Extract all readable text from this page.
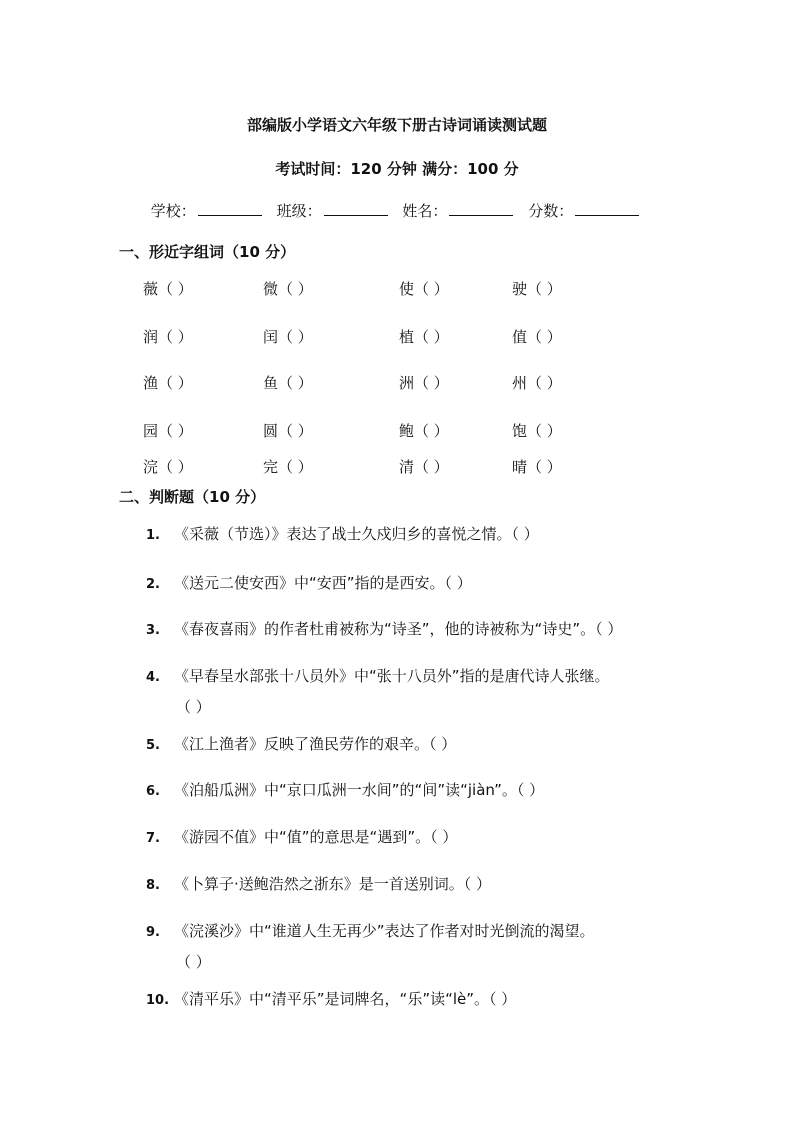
部编版小学语文六年级下册古诗词诵读测试题
考试时间：120 分钟 满分：100 分
学校：	班级：	姓名：	分数：
一、形近字组词（10 分）
薇（ ）	微（ ）	使（ ）	驶（ ）
润（ ）	闰（ ）	植（ ）	值（ ）
渔（ ）	鱼（ ）	洲（ ）	州（ ）
园（ ）	圆（ ）	鲍（ ）	饱（ ）
浣（ ）	完（ ）	清（ ）	晴（ ）
二、判断题（10 分）
1. 《采薇（节选）》表达了战士久戍归乡的喜悦之情。（ ）
2. 《送元二使安西》中“安西”指的是西安。（ ）
3. 《春夜喜雨》的作者杜甫被称为“诗圣”，他的诗被称为“诗史”。（ ）
4. 《早春呈水部张十八员外》中“张十八员外”指的是唐代诗人张继。
（ ）
5. 《江上渔者》反映了渔民劳作的艰辛。（ ）
6. 《泊船瓜洲》中“京口瓜洲一水间”的“间”读“jiàn”。（ ）
7. 《游园不值》中“值”的意思是“遇到”。（ ）
8. 《卜算子·送鲍浩然之浙东》是一首送别词。（ ）
9. 《浣溪沙》中“谁道人生无再少”表达了作者对时光倒流的渴望。
（ ）
10. 《清平乐》中“清平乐”是词牌名，“乐”读“lè”。（ ）
